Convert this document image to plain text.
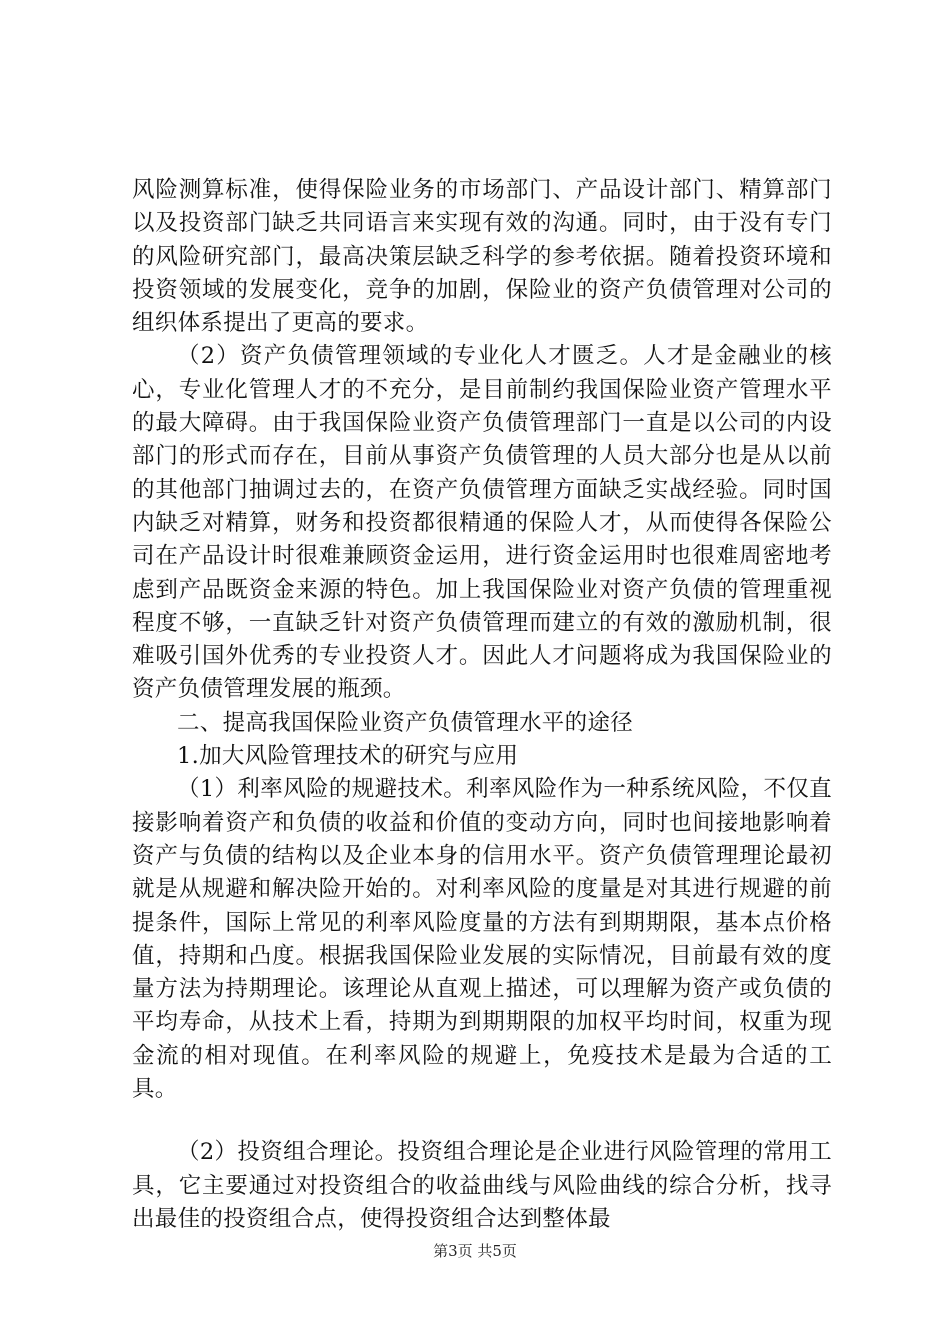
风险测算标准，使得保险业务的市场部门、产品设计部门、精算部门以及投资部门缺乏共同语言来实现有效的沟通。同时，由于没有专门的风险研究部门，最高决策层缺乏科学的参考依据。随着投资环境和投资领域的发展变化，竞争的加剧，保险业的资产负债管理对公司的组织体系提出了更高的要求。

（2）资产负债管理领域的专业化人才匮乏。人才是金融业的核心，专业化管理人才的不充分，是目前制约我国保险业资产管理水平的最大障碍。由于我国保险业资产负债管理部门一直是以公司的内设部门的形式而存在，目前从事资产负债管理的人员大部分也是从以前的其他部门抽调过去的，在资产负债管理方面缺乏实战经验。同时国内缺乏对精算，财务和投资都很精通的保险人才，从而使得各保险公司在产品设计时很难兼顾资金运用，进行资金运用时也很难周密地考虑到产品既资金来源的特色。加上我国保险业对资产负债的管理重视程度不够，一直缺乏针对资产负债管理而建立的有效的激励机制，很难吸引国外优秀的专业投资人才。因此人才问题将成为我国保险业的资产负债管理发展的瓶颈。

二、提高我国保险业资产负债管理水平的途径

1.加大风险管理技术的研究与应用

（1）利率风险的规避技术。利率风险作为一种系统风险，不仅直接影响着资产和负债的收益和价值的变动方向，同时也间接地影响着资产与负债的结构以及企业本身的信用水平。资产负债管理理论最初就是从规避和解决险开始的。对利率风险的度量是对其进行规避的前提条件，国际上常见的利率风险度量的方法有到期期限，基本点价格值，持期和凸度。根据我国保险业发展的实际情况，目前最有效的度量方法为持期理论。该理论从直观上描述，可以理解为资产或负债的平均寿命，从技术上看，持期为到期期限的加权平均时间，权重为现金流的相对现值。在利率风险的规避上，免疫技术是最为合适的工具。

（2）投资组合理论。投资组合理论是企业进行风险管理的常用工具，它主要通过对投资组合的收益曲线与风险曲线的综合分析，找寻出最佳的投资组合点，使得投资组合达到整体最

第3页 共5页
